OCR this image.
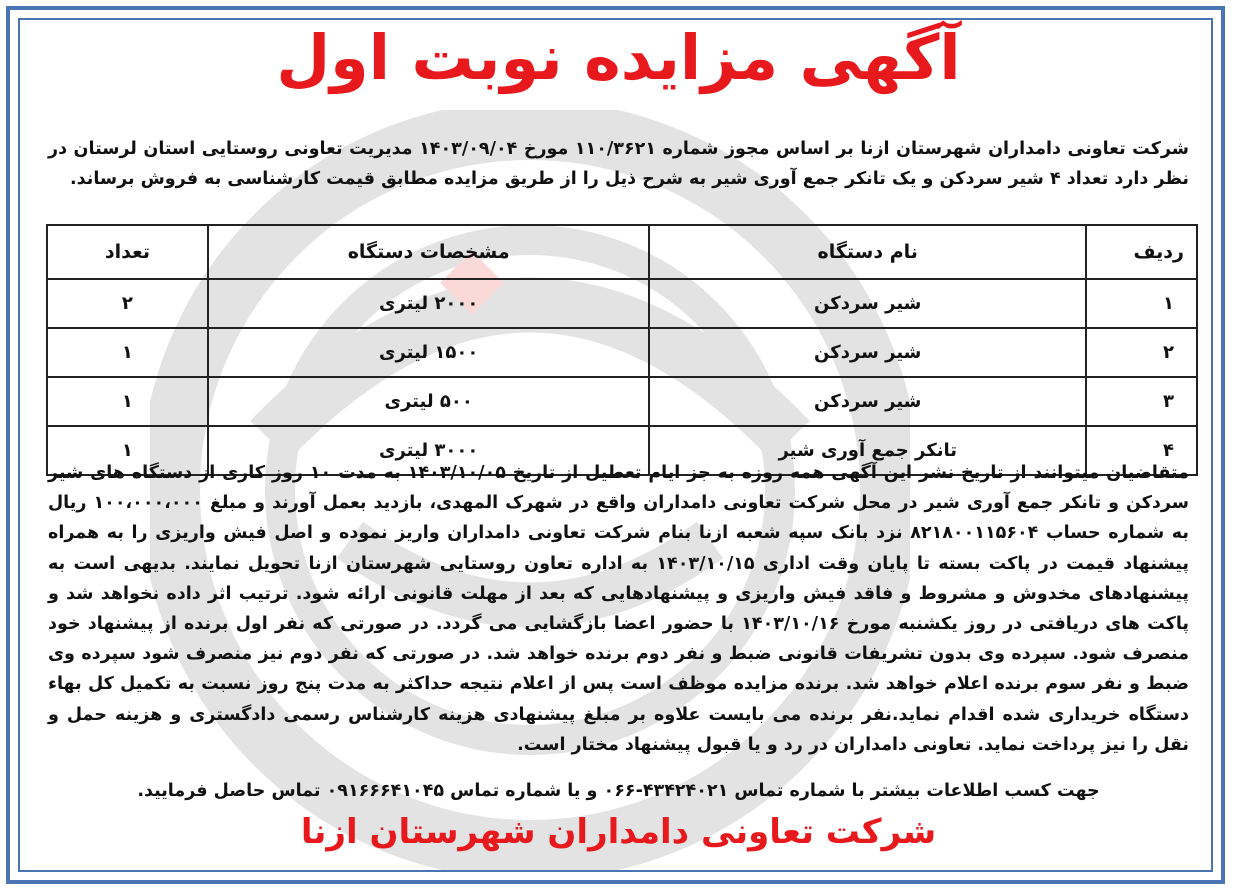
آگهی مزایده نوبت اول
شرکت تعاونی دامداران شهرستان ازنا بر اساس مجوز شماره ۱۱۰/۳۶۲۱ مورخ ۱۴۰۳/۰۹/۰۴ مدیریت تعاونی روستایی استان لرستان در نظر دارد تعداد ۴ شیر سردکن و یک تانکر جمع آوری شیر به شرح ذیل را از طریق مزایده مطابق قیمت کارشناسی به فروش برساند.
ردیف	نام دستگاه	مشخصات دستگاه	تعداد
۱	شیر سردکن	۲۰۰۰ لیتری	۲
۲	شیر سردکن	۱۵۰۰ لیتری	۱
۳	شیر سردکن	۵۰۰ لیتری	۱
۴	تانکر جمع آوری شیر	۳۰۰۰ لیتری	۱
متقاضیان میتوانند از تاریخ نشر این آگهی همه روزه به جز ایام تعطیل از تاریخ ۱۴۰۳/۱۰/۰۵ به مدت ۱۰ روز کاری از دستگاه های شیر سردکن و تانکر جمع آوری شیر در محل شرکت تعاونی دامداران واقع در شهرک المهدی، بازدید بعمل آورند و مبلغ ۱۰۰،۰۰۰،۰۰۰ ریال به شماره حساب ۸۲۱۸۰۰۱۱۵۶۰۴ نزد بانک سپه شعبه ازنا بنام شرکت تعاونی دامداران واریز نموده و اصل فیش واریزی را به همراه پیشنهاد قیمت در پاکت بسته تا پایان وقت اداری ۱۴۰۳/۱۰/۱۵ به اداره تعاون روستایی شهرستان ازنا تحویل نمایند. بدیهی است به پیشنهادهای مخدوش و مشروط و فاقد فیش واریزی و پیشنهادهایی که بعد از مهلت قانونی ارائه شود. ترتیب اثر داده نخواهد شد و پاکت های دریافتی در روز یکشنبه مورخ ۱۴۰۳/۱۰/۱۶ با حضور اعضا بازگشایی می گردد. در صورتی که نفر اول برنده از پیشنهاد خود منصرف شود. سپرده وی بدون تشریفات قانونی ضبط و نفر دوم برنده خواهد شد. در صورتی که نفر دوم نیز منصرف شود سپرده وی ضبط و نفر سوم برنده اعلام خواهد شد. برنده مزایده موظف است پس از اعلام نتیجه حداکثر به مدت پنج روز نسبت به تکمیل کل بهاء دستگاه خریداری شده اقدام نماید.نفر برنده می بایست علاوه بر مبلغ پیشنهادی هزینه کارشناس رسمی دادگستری و هزینه حمل و نقل را نیز پرداخت نماید. تعاونی دامداران در رد و یا قبول پیشنهاد مختار است.
جهت کسب اطلاعات بیشتر با شماره تماس ۴۳۴۲۴۰۲۱-۰۶۶ و یا شماره تماس ۰۹۱۶۶۶۴۱۰۴۵ تماس حاصل فرمایید.
شرکت تعاونی دامداران شهرستان ازنا
